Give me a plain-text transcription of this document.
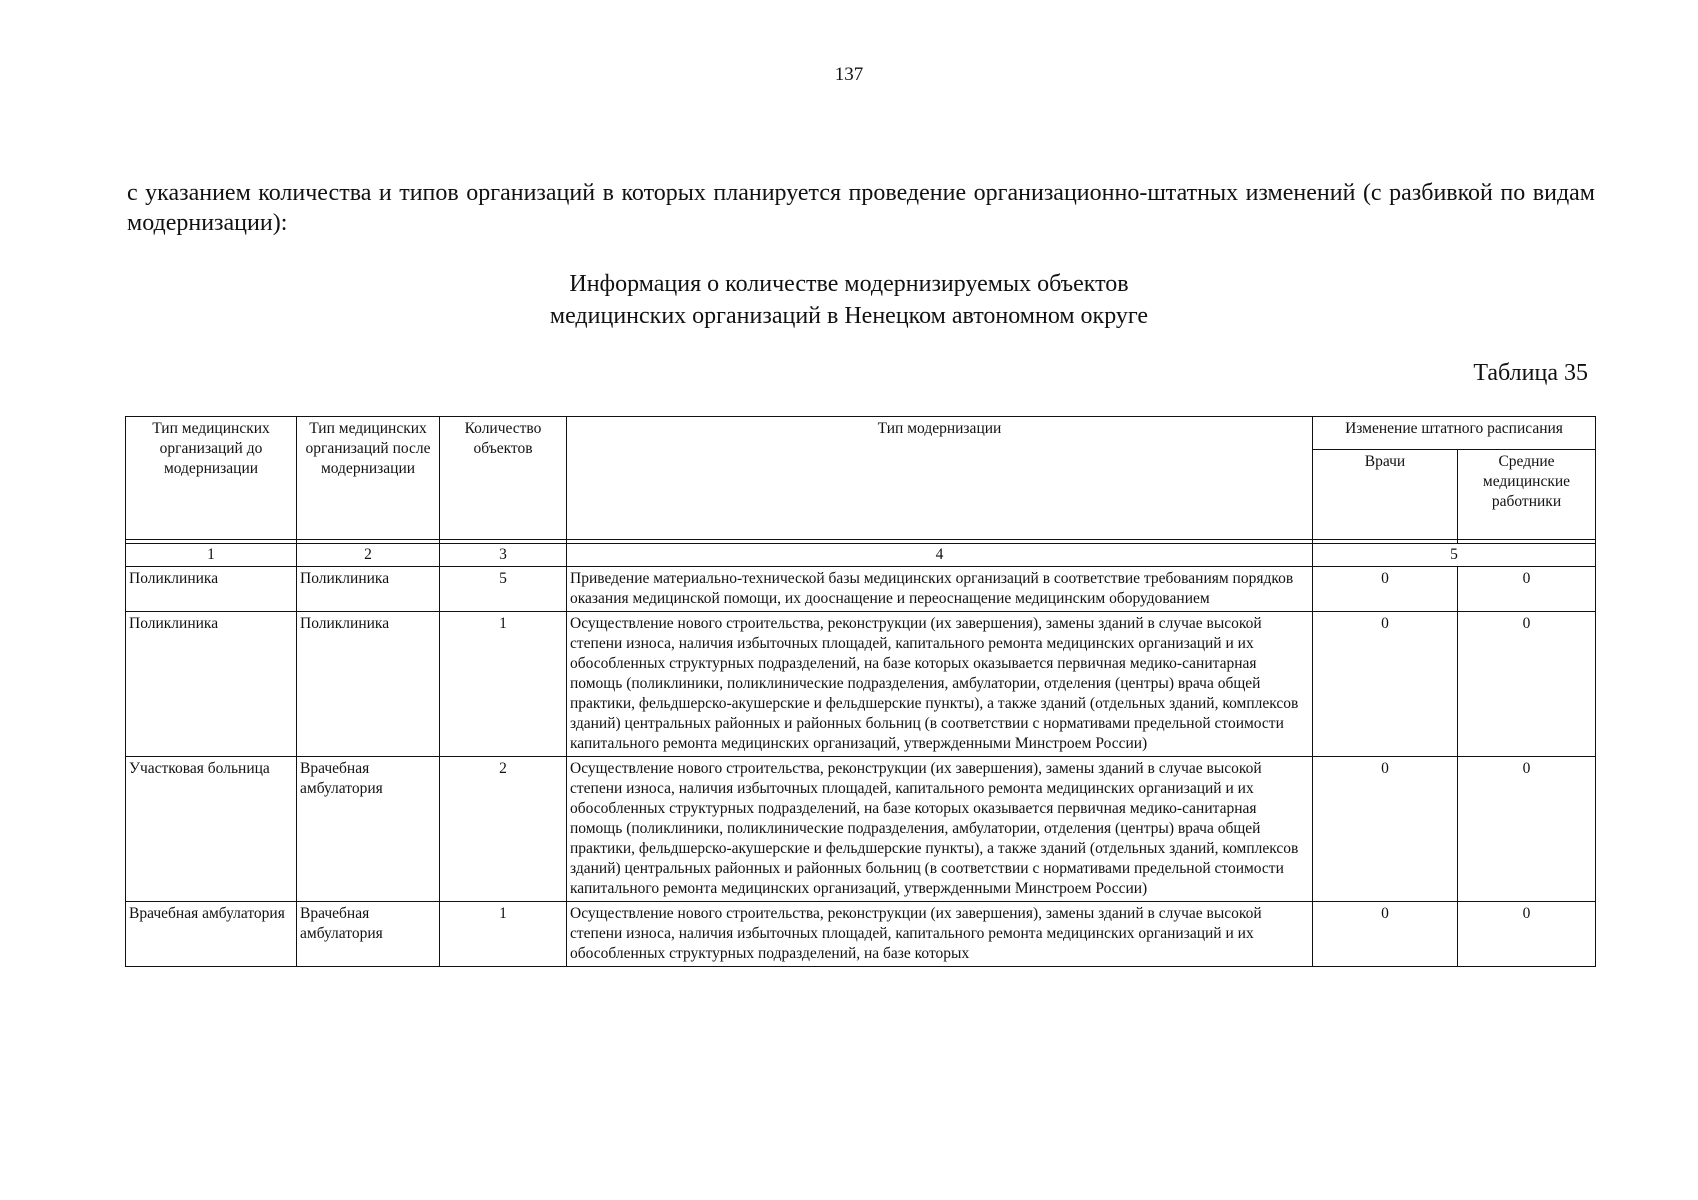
137
с указанием количества и типов организаций в которых планируется проведение организационно-штатных изменений (с разбивкой по видам модернизации):
Информация о количестве модернизируемых объектов
медицинских организаций в Ненецком автономном округе
Таблица 35
Тип медицинских организаций до модернизации	Тип медицинских организаций после модернизации	Количество объектов	Тип модернизации	Изменение штатного расписания	
				Врачи	Средние медицинские работники

1	2	3	4	5	
Поликлиника	Поликлиника	5	Приведение материально-технической базы медицинских организаций в соответствие требованиям порядков оказания медицинской помощи, их дооснащение и переоснащение медицинским оборудованием	0	0
Поликлиника	Поликлиника	1	Осуществление нового строительства, реконструкции (их завершения), замены зданий в случае высокой степени износа, наличия избыточных площадей, капитального ремонта медицинских организаций и их обособленных структурных подразделений, на базе которых оказывается первичная медико-санитарная помощь (поликлиники, поликлинические подразделения, амбулатории, отделения (центры) врача общей практики, фельдшерско-акушерские и фельдшерские пункты), а также зданий (отдельных зданий, комплексов зданий) центральных районных и районных больниц (в соответствии с нормативами предельной стоимости капитального ремонта медицинских организаций, утвержденными Минстроем России)	0	0
Участковая больница	Врачебная амбулатория	2	Осуществление нового строительства, реконструкции (их завершения), замены зданий в случае высокой степени износа, наличия избыточных площадей, капитального ремонта медицинских организаций и их обособленных структурных подразделений, на базе которых оказывается первичная медико-санитарная помощь (поликлиники, поликлинические подразделения, амбулатории, отделения (центры) врача общей практики, фельдшерско-акушерские и фельдшерские пункты), а также зданий (отдельных зданий, комплексов зданий) центральных районных и районных больниц (в соответствии с нормативами предельной стоимости капитального ремонта медицинских организаций, утвержденными Минстроем России)	0	0
Врачебная амбулатория	Врачебная амбулатория	1	Осуществление нового строительства, реконструкции (их завершения), замены зданий в случае высокой степени износа, наличия избыточных площадей, капитального ремонта медицинских организаций и их обособленных структурных подразделений, на базе которых	0	0
